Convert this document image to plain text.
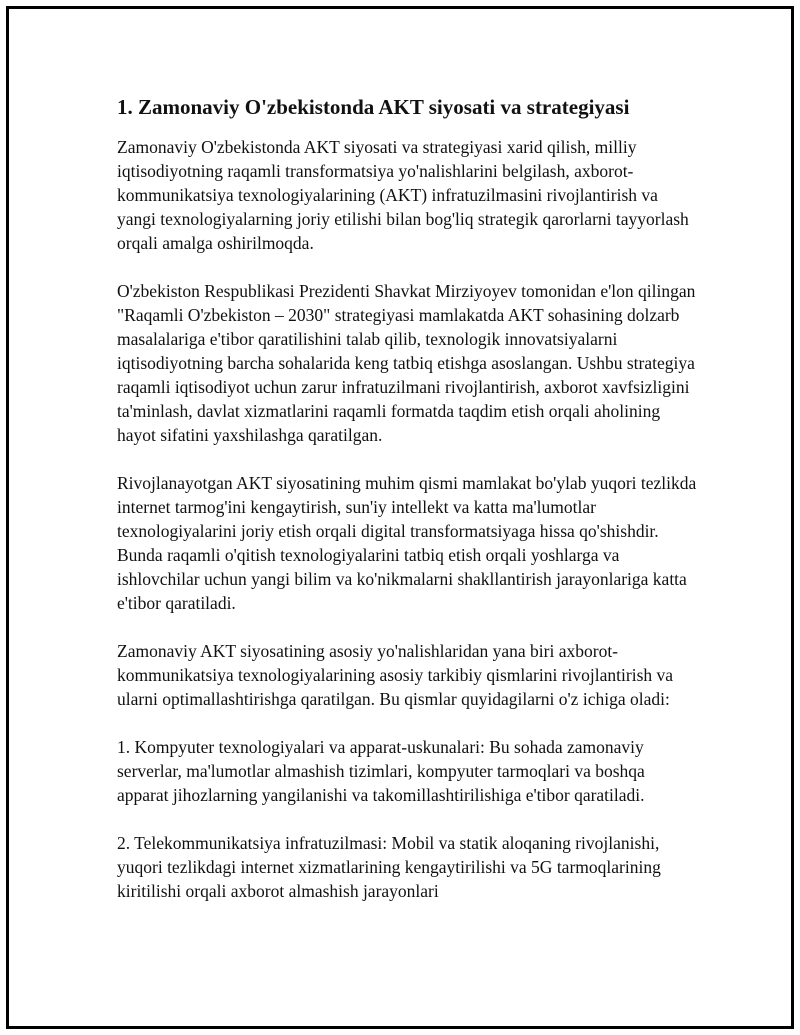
1. Zamonaviy O'zbekistonda AKT siyosati va strategiyasi

Zamonaviy O'zbekistonda AKT siyosati va strategiyasi xarid qilish, milliy iqtisodiyotning raqamli transformatsiya yo'nalishlarini belgilash, axborot-kommunikatsiya texnologiyalarining (AKT) infratuzilmasini rivojlantirish va yangi texnologiyalarning joriy etilishi bilan bog'liq strategik qarorlarni tayyorlash orqali amalga oshirilmoqda.

O'zbekiston Respublikasi Prezidenti Shavkat Mirziyoyev tomonidan e'lon qilingan "Raqamli O'zbekiston – 2030" strategiyasi mamlakatda AKT sohasining dolzarb masalalariga e'tibor qaratilishini talab qilib, texnologik innovatsiyalarni iqtisodiyotning barcha sohalarida keng tatbiq etishga asoslangan. Ushbu strategiya raqamli iqtisodiyot uchun zarur infratuzilmani rivojlantirish, axborot xavfsizligini ta'minlash, davlat xizmatlarini raqamli formatda taqdim etish orqali aholining hayot sifatini yaxshilashga qaratilgan.

Rivojlanayotgan AKT siyosatining muhim qismi mamlakat bo'ylab yuqori tezlikda internet tarmog'ini kengaytirish, sun'iy intellekt va katta ma'lumotlar texnologiyalarini joriy etish orqali digital transformatsiyaga hissa qo'shishdir. Bunda raqamli o'qitish texnologiyalarini tatbiq etish orqali yoshlarga va ishlovchilar uchun yangi bilim va ko'nikmalarni shakllantirish jarayonlariga katta e'tibor qaratiladi.

Zamonaviy AKT siyosatining asosiy yo'nalishlaridan yana biri axborot-kommunikatsiya texnologiyalarining asosiy tarkibiy qismlarini rivojlantirish va ularni optimallashtirishga qaratilgan. Bu qismlar quyidagilarni o'z ichiga oladi:

1. Kompyuter texnologiyalari va apparat-uskunalari: Bu sohada zamonaviy serverlar, ma'lumotlar almashish tizimlari, kompyuter tarmoqlari va boshqa apparat jihozlarning yangilanishi va takomillashtirilishiga e'tibor qaratiladi.

2. Telekommunikatsiya infratuzilmasi: Mobil va statik aloqaning rivojlanishi, yuqori tezlikdagi internet xizmatlarining kengaytirilishi va 5G tarmoqlarining kiritilishi orqali axborot almashish jarayonlari
